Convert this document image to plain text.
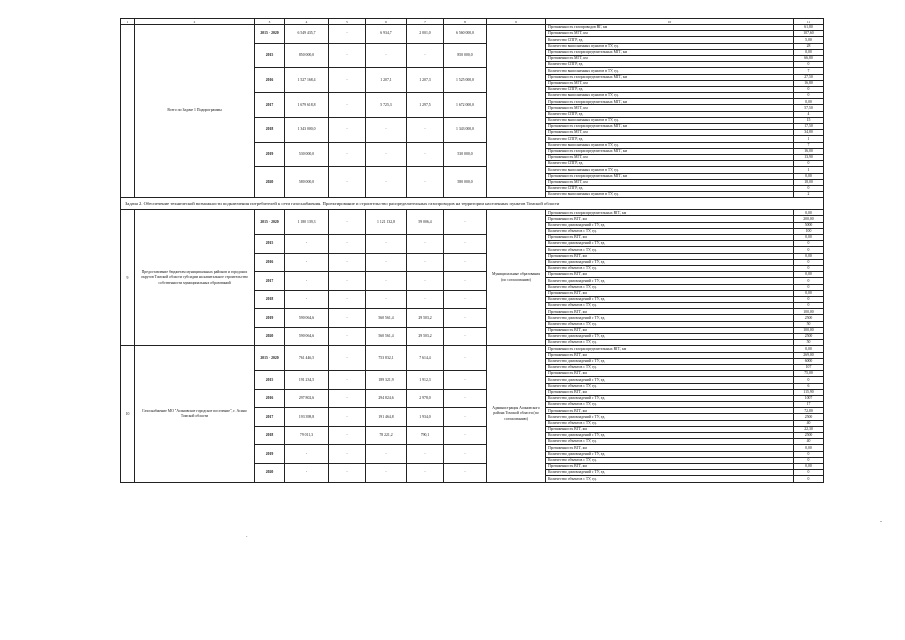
1	2	3	4	5	6	7	8	9	10	11
	Всего по Задаче 1 Подпрограммы	2015 - 2020	6 549 435,7	-	6 934,7	2 001,0	6 560 000,0		Протяженность газопроводов ВГ, км	61,80
									Протяженность МГГ, км	107,60
									Количество СПГР, ед.	5,00
		2015	850 000,0	-	-	-	850 000,0		Количество выполненных пунктов в ТУ, ед.	28
									Протяженность газораспределительных МГГ, км	0,00
									Протяженность МГГ, км	66,80
									Количество СПГР, ед.	0
		2016	1 527 168,4	-	1 207,1	1 207,3	1 525 000,0		Количество выполненных пунктов в ТУ, ед.	7
									Протяженность газораспределительных МГГ, км	27,50
									Протяженность МГГ, км	16,80
									Количество СПГР, ед.	0
		2017	1 679 618,8	-	5 725,3	1 297,5	1 672 000,0		Количество выполненных пунктов в ТУ, ед.	0
									Протяженность газораспределительных МГГ, км	0,00
									Протяженность МГГ, км	57,50
									Количество СПГР, ед.	4
		2018	1 343 000,0	-	-	-	1 343 000,0		Количество выполненных пунктов в ТУ, ед.	15
									Протяженность газораспределительных МГГ, км	17,50
									Протяженность МГГ, км	34,80
									Количество СПГР, ед.	1
		2019	530 000,0	-	-	-	530 000,0		Количество выполненных пунктов в ТУ, ед.	7
									Протяженность газораспределительных МГГ, км	16,00
									Протяженность МГГ, км	13,90
									Количество СПГР, ед.	0
		2020	580 000,0	-	-	-	580 000,0		Количество выполненных пунктов в ТУ, ед.	1
									Протяженность газораспределительных МГГ, км	0,00
									Протяженность МГГ, км	18,00
									Количество СПГР, ед.	0
									Количество выполненных пунктов в ТУ, ед.	2
Задача 2. Обеспечение технической возможности подключения потребителей к сети газоснабжения. Проектирование и строительство распределительных газопроводов на территории населенных пунктов Томской области										
9	Предоставление бюджетам муниципальных районов и городских округов Томской области субсидии на капитальное строительство собственности муниципальных образований	2015 - 2020	1 180 139,3	-	1 121 132,8	59 006,4	-	Муниципальные образования (по согласованию)	Протяженность газораспределительных ВГГ, км	0,00
									Протяженность ВГГ, км	200,00
									Количество домовладений с ТУ, ед.	5000
									Количество объектов с ТУ, ед.	100
		2015	-	-	-	-	-		Протяженность ВГГ, км	0,00
									Количество домовладений с ТУ, ед.	0
									Количество объектов с ТУ, ед.	0
		2016	-	-	-	-	-		Протяженность ВГГ, км	0,00
									Количество домовладений с ТУ, ед.	0
									Количество объектов с ТУ, ед.	0
		2017	-	-	-	-	-		Протяженность ВГГ, км	0,00
									Количество домовладений с ТУ, ед.	0
									Количество объектов с ТУ, ед.	0
		2018	-	-	-	-	-		Протяженность ВГГ, км	0,00
									Количество домовладений с ТУ, ед.	0
									Количество объектов с ТУ, ед.	0
		2019	590 064,6	-	560 561,4	29 503,2	-		Протяженность ВГГ, км	100,00
									Количество домовладений с ТУ, ед.	2500
									Количество объектов с ТУ, ед.	50
		2020	590 064,6	-	560 561,4	29 503,2	-		Протяженность ВГГ, км	100,00
									Количество домовладений с ТУ, ед.	2500
									Количество объектов с ТУ, ед.	50
10	Газоснабжение МО "Асиновское городское поселение", г. Асино Томской области	2015 - 2020	761 446,5	-	753 832,1	7 614,4	-	Администрация Асиновского района Томской области (по согласованию)	Протяженность газораспределительных ВГГ, км	0,00
									Протяженность ВГГ, км	269,00
									Количество домовладений с ТУ, ед.	6000
									Количество объектов с ТУ, ед.	107
		2015	191 234,5	-	189 321,9	1 912,3	-		Протяженность ВГГ, км	75,00
									Количество домовладений с ТУ, ед.	0
									Количество объектов с ТУ, ед.	6
		2016	297 802,6	-	294 824,6	2 978,0	-		Протяженность ВГГ, км	115,90
									Количество домовладений с ТУ, ед.	1007
									Количество объектов с ТУ, ед.	17
		2017	193 398,8	-	191 464,8	1 934,0	-		Протяженность ВГГ, км	72,80
									Количество домовладений с ТУ, ед.	2500
									Количество объектов с ТУ, ед.	40
		2018	79 011,3	-	78 221,2	790,1	-		Протяженность ВГГ, км	22,30
									Количество домовладений с ТУ, ед.	2500
									Количество объектов с ТУ, ед.	40
		2019	-	-	-	-	-		Протяженность ВГГ, км	0,00
									Количество домовладений с ТУ, ед.	0
									Количество объектов с ТУ, ед.	0
		2020	-	-	-	-	-		Протяженность ВГГ, км	0,00
									Количество домовладений с ТУ, ед.	0
									Количество объектов с ТУ, ед.	0
-
.
